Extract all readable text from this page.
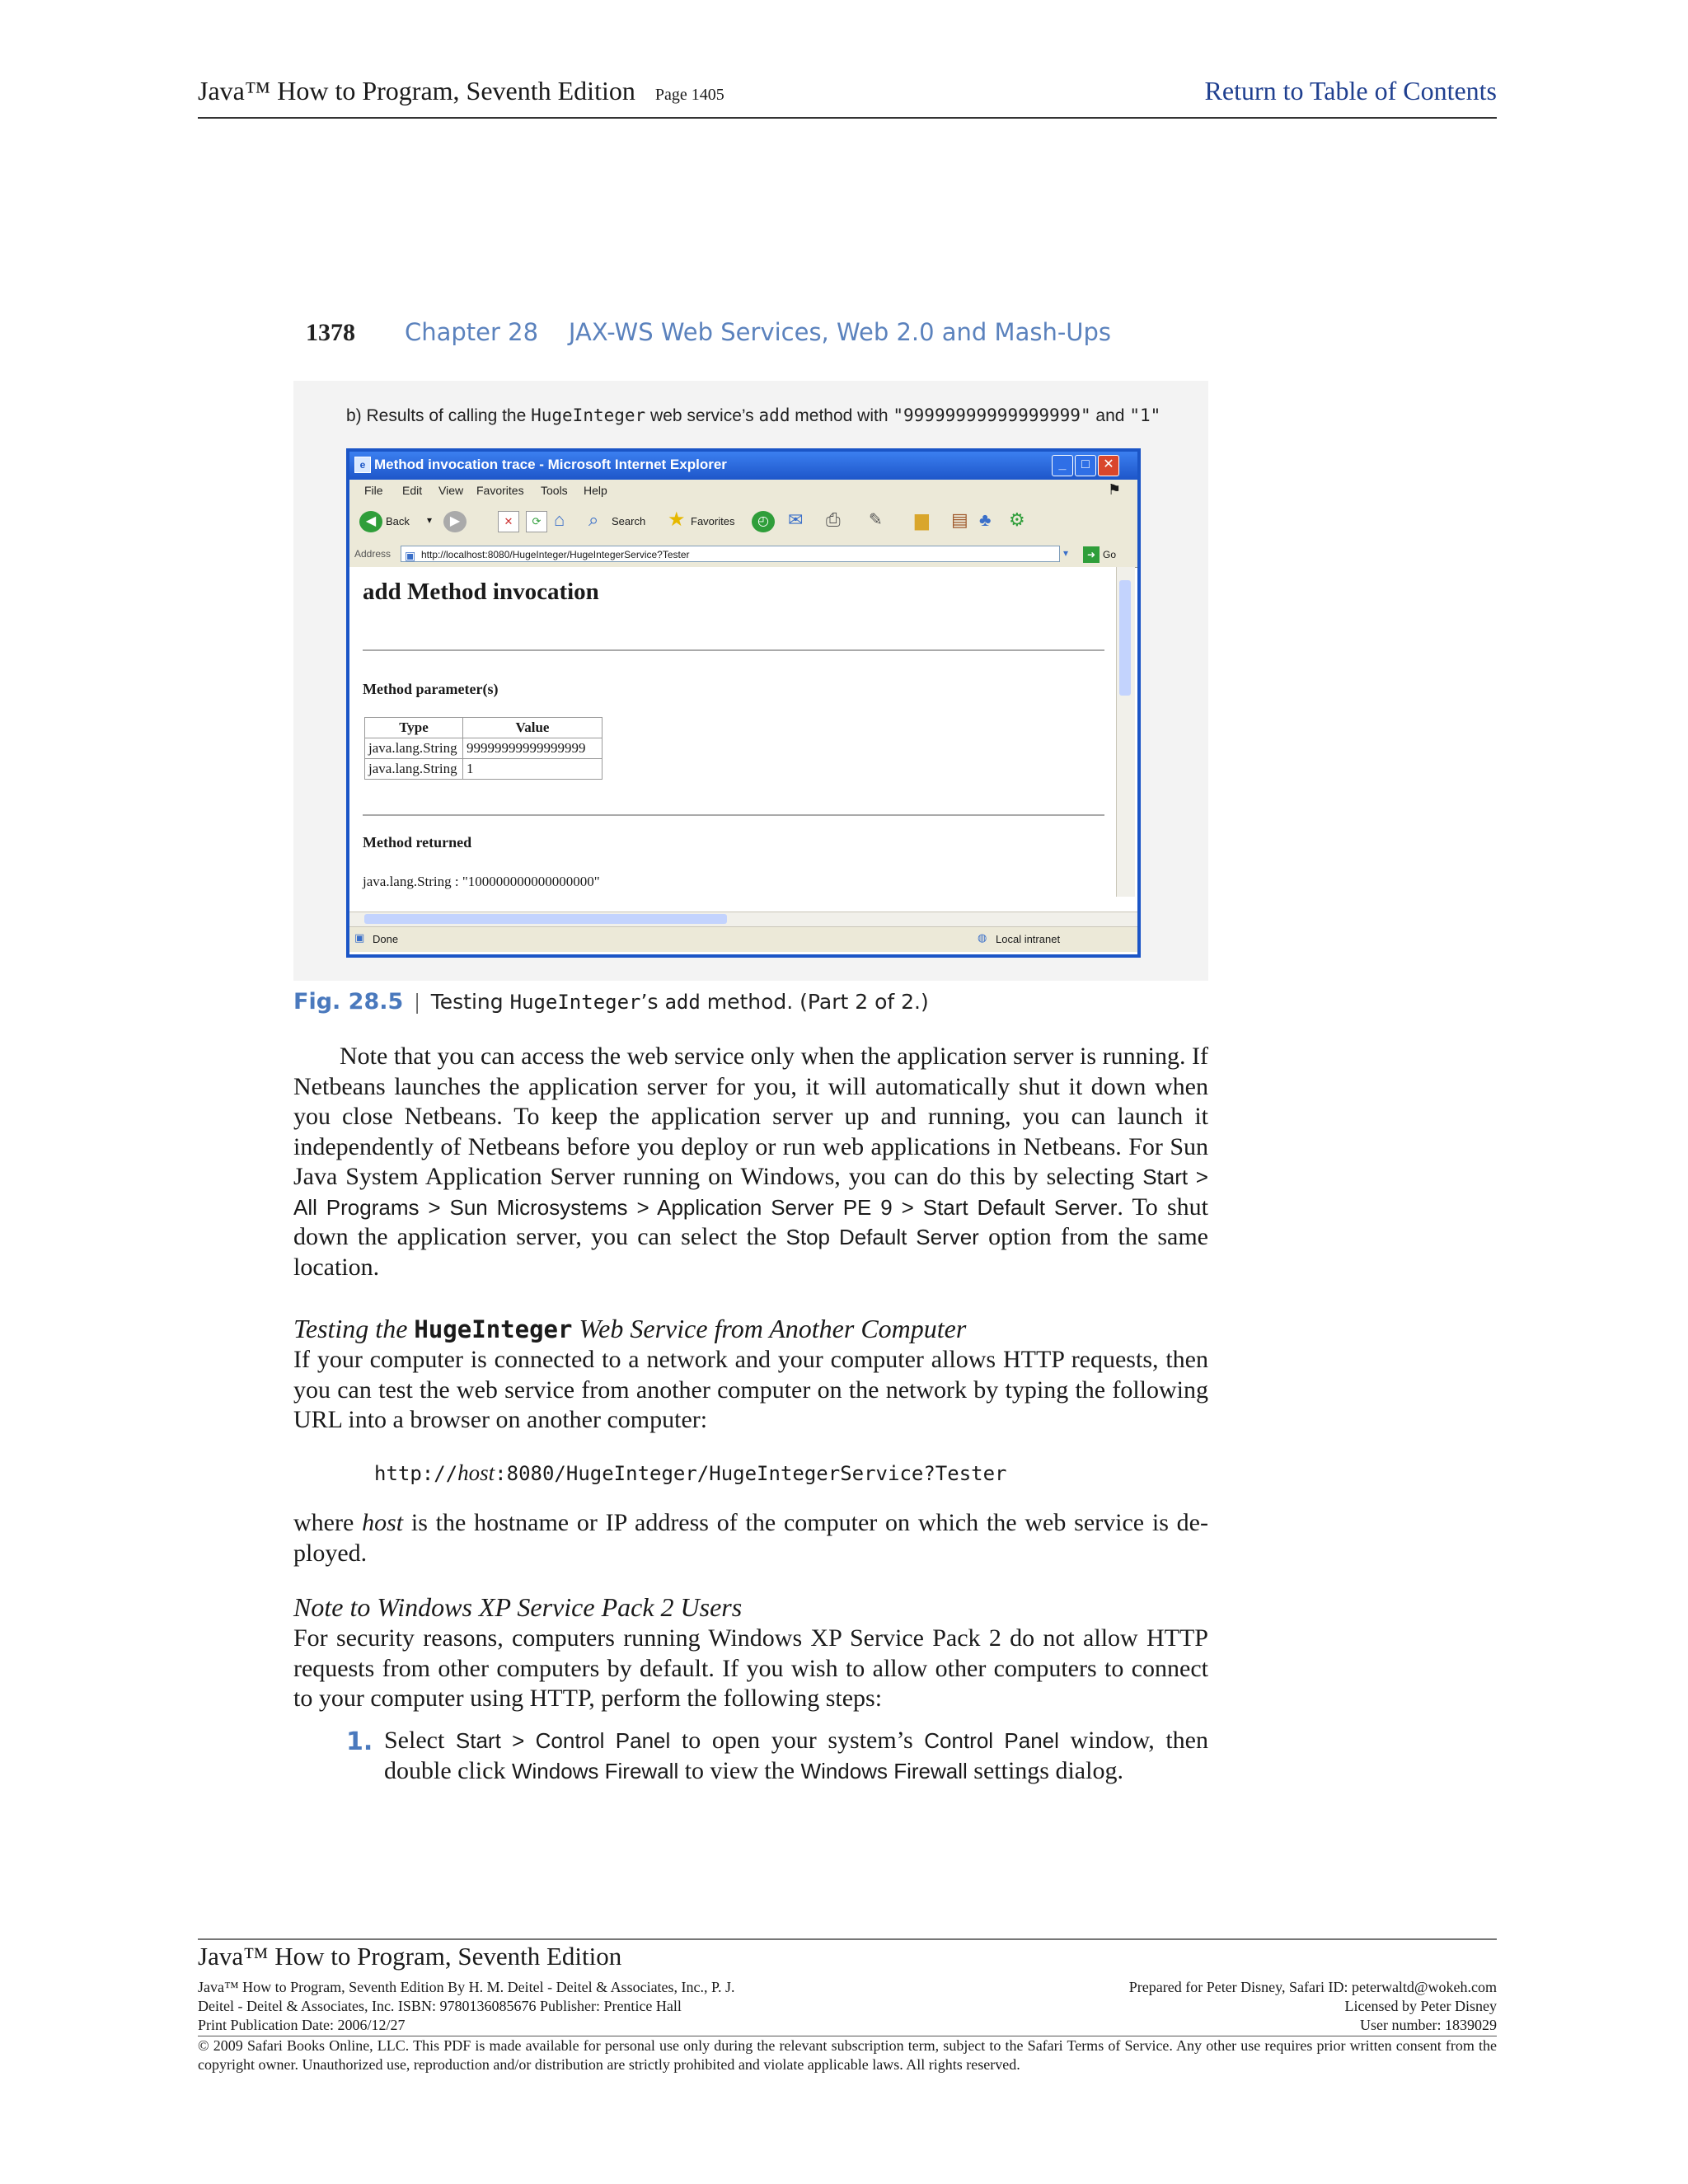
Java™ How to Program, Seventh Edition Page 1405	Return to Table of Contents

1378 Chapter 28    JAX-WS Web Services, Web 2.0 and Mash-Ups

b) Results of calling the HugeInteger web service’s add method with "99999999999999999" and "1"
e Method invocation trace - Microsoft Internet Explorer	_	□	✕
File Edit View Favorites Tools Help	⚑
◀ Back ▾	▶	✕	⟳ ⌂ ⌕ Search ★ Favorites	◴	✉ ⎙ ✎ ▆ ▤ ♣ ⚙
Address ▣ http://localhost:8080/HugeInteger/HugeIntegerService?Tester	▾	➜ Go
add Method invocation
Method parameter(s)
Type	Value
java.lang.String	99999999999999999
java.lang.String	1
Method returned
java.lang.String : "100000000000000000"
▣ Done	◍ Local intranet
Fig. 28.5 | Testing HugeInteger’s add method. (Part 2 of 2.)
Note that you can access the web service only when the application server is running. If Netbeans launches the application server for you, it will automatically shut it down when you close Netbeans. To keep the application server up and running, you can launch it independently of Netbeans before you deploy or run web applications in Netbeans. For Sun Java System Application Server running on Windows, you can do this by selecting Start > All Programs > Sun Microsystems > Application Server PE 9 > Start Default Server. To shut down the application server, you can select the Stop Default Server option from the same location.
Testing the HugeInteger Web Service from Another Computer
If your computer is connected to a network and your computer allows HTTP requests, then you can test the web service from another computer on the network by typing the following URL into a browser on another computer:
http://host:8080/HugeInteger/HugeIntegerService?Tester
where host is the hostname or IP address of the computer on which the web service is de-ployed.
Note to Windows XP Service Pack 2 Users
For security reasons, computers running Windows XP Service Pack 2 do not allow HTTP requests from other computers by default. If you wish to allow other computers to connect to your computer using HTTP, perform the following steps:
1. Select Start > Control Panel to open your system’s Control Panel window, then double click Windows Firewall to view the Windows Firewall settings dialog.
Java™ How to Program, Seventh Edition
Java™ How to Program, Seventh Edition By H. M. Deitel - Deitel & Associates, Inc., P. J.	Prepared for Peter Disney, Safari ID: peterwaltd@wokeh.com
Deitel - Deitel & Associates, Inc. ISBN: 9780136085676 Publisher: Prentice Hall	Licensed by Peter Disney
Print Publication Date: 2006/12/27	User number: 1839029
© 2009 Safari Books Online, LLC. This PDF is made available for personal use only during the relevant subscription term, subject to the Safari Terms of Service. Any other use requires prior written consent from the copyright owner. Unauthorized use, reproduction and/or distribution are strictly prohibited and violate applicable laws. All rights reserved.
